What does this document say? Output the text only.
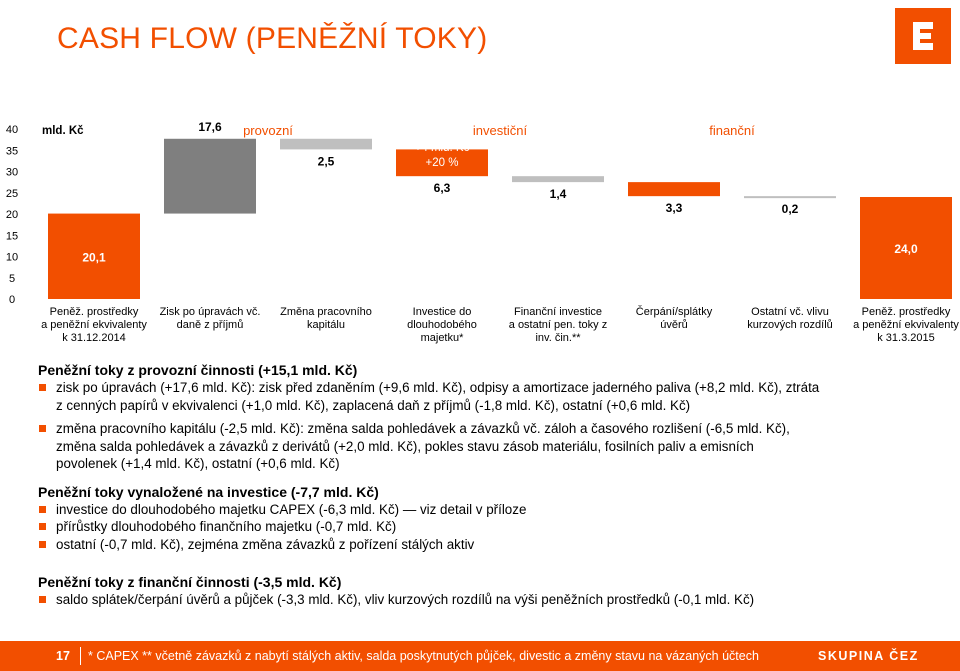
CASH FLOW (PENĚŽNÍ TOKY)
0
5
10
15
20
25
30
35
40 mld. Kč
20,1
17,6
2,5
6,3	1,4
3,3	0,2
24,0
provozní	investiční	finanční
+4 mld. Kč
+20 %
Peněž. prostředky
a peněžní ekvivalenty
k 31.12.2014
Zisk po úpravách vč.
daně z příjmů
Změna pracovního
kapitálu
Investice do
dlouhodobého
majetku*
Finanční investice
a ostatní pen. toky z
inv. čin.**
Čerpání/splátky
úvěrů
Ostatní vč. vlivu
kurzových rozdílů
Peněž. prostředky
a peněžní ekvivalenty
k 31.3.2015
Peněžní toky z provozní činnosti (+15,1 mld. Kč)
zisk po úpravách (+17,6 mld. Kč): zisk před zdaněním (+9,6 mld. Kč), odpisy a amortizace jaderného paliva (+8,2 mld. Kč), ztráta
z cenných papírů v ekvivalenci (+1,0 mld. Kč), zaplacená daň z příjmů (-1,8 mld. Kč), ostatní (+0,6 mld. Kč)
změna pracovního kapitálu (-2,5 mld. Kč): změna salda pohledávek a závazků vč. záloh a časového rozlišení (-6,5 mld. Kč),
změna salda pohledávek a závazků z derivátů (+2,0 mld. Kč), pokles stavu zásob materiálu, fosilních paliv a emisních
povolenek (+1,4 mld. Kč), ostatní (+0,6 mld. Kč)
Peněžní toky vynaložené na investice (-7,7 mld. Kč)
investice do dlouhodobého majetku CAPEX (-6,3 mld. Kč) — viz detail v příloze
přírůstky dlouhodobého finančního majetku (-0,7 mld. Kč)
ostatní (-0,7 mld. Kč), zejména změna závazků z pořízení stálých aktiv
Peněžní toky z finanční činnosti (-3,5 mld. Kč)
saldo splátek/čerpání úvěrů a půjček (-3,3 mld. Kč), vliv kurzových rozdílů na výši peněžních prostředků (-0,1 mld. Kč)
17 * CAPEX ** včetně závazků z nabytí stálých aktiv, salda poskytnutých půjček, divestic a změny stavu na vázaných účtech	SKUPINA ČEZ
